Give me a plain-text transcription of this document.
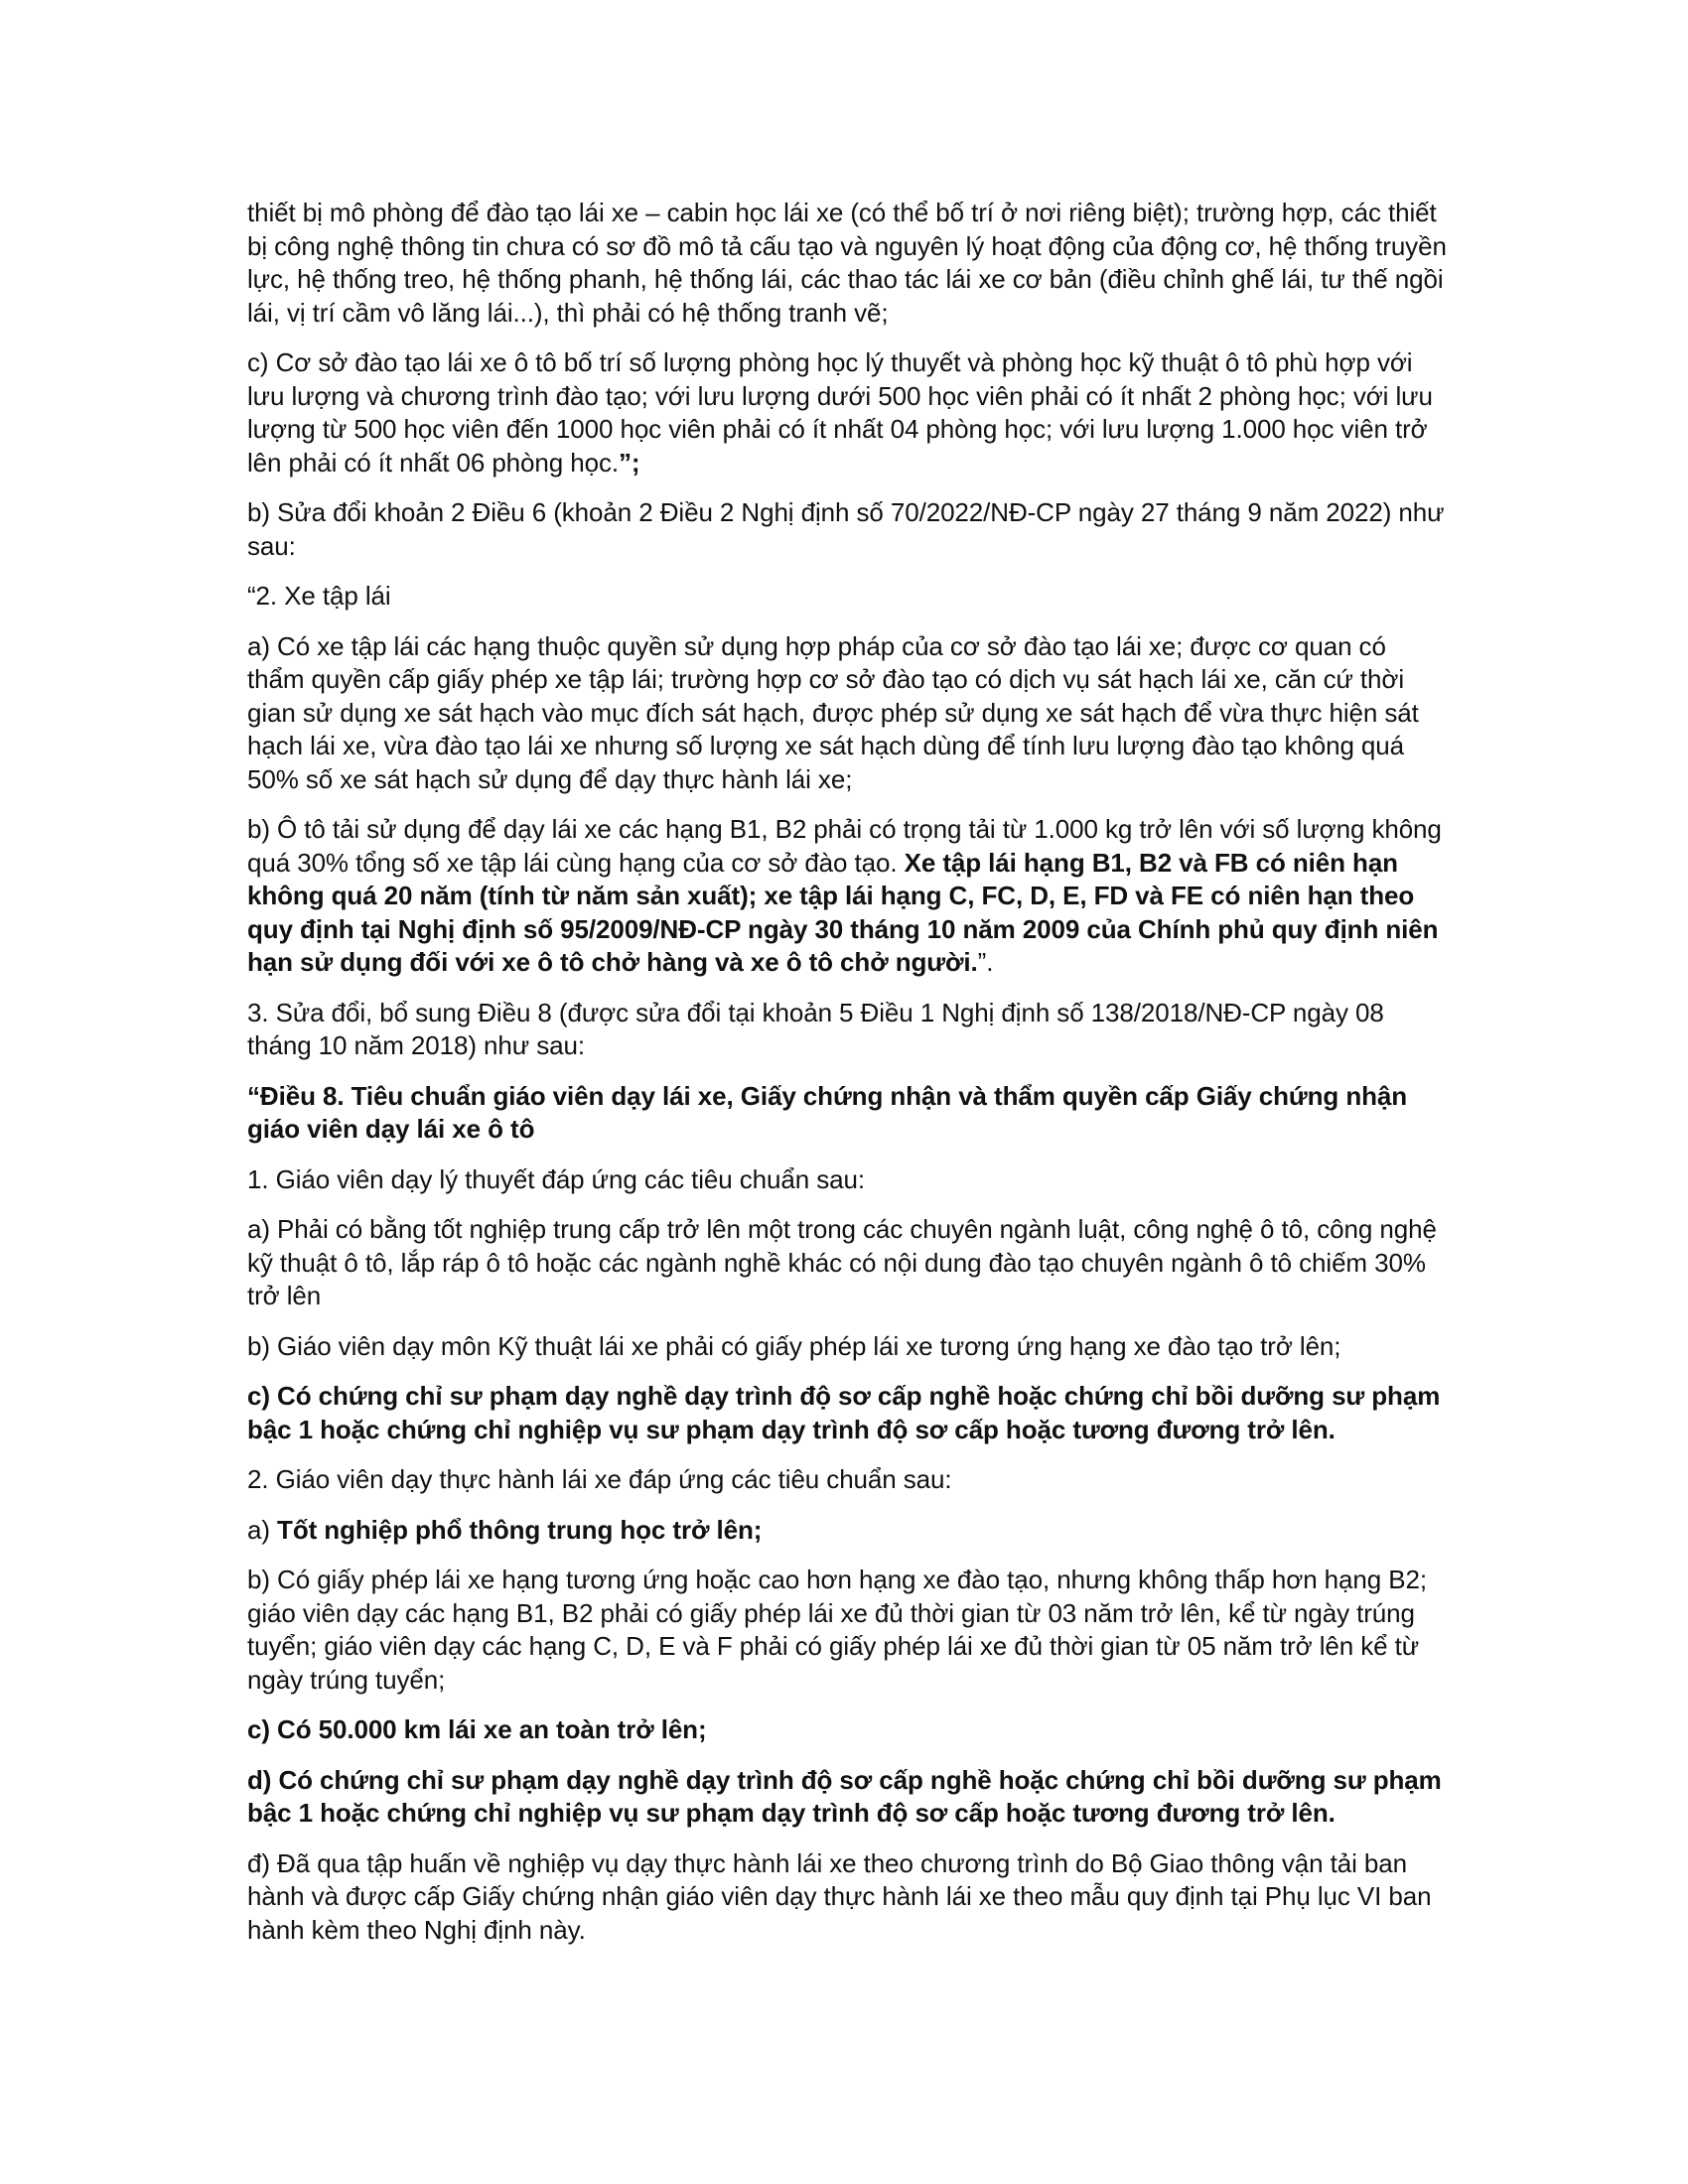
thiết bị mô phòng để đào tạo lái xe – cabin học lái xe (có thể bố trí ở nơi riêng biệt); trường hợp, các thiết bị công nghệ thông tin chưa có sơ đồ mô tả cấu tạo và nguyên lý hoạt động của động cơ, hệ thống truyền lực, hệ thống treo, hệ thống phanh, hệ thống lái, các thao tác lái xe cơ bản (điều chỉnh ghế lái, tư thế ngồi lái, vị trí cầm vô lăng lái...), thì phải có hệ thống tranh vẽ;

c) Cơ sở đào tạo lái xe ô tô bố trí số lượng phòng học lý thuyết và phòng học kỹ thuật ô tô phù hợp với lưu lượng và chương trình đào tạo; với lưu lượng dưới 500 học viên phải có ít nhất 2 phòng học; với lưu lượng từ 500 học viên đến 1000 học viên phải có ít nhất 04 phòng học; với lưu lượng 1.000 học viên trở lên phải có ít nhất 06 phòng học.”;

b) Sửa đổi khoản 2 Điều 6 (khoản 2 Điều 2 Nghị định số 70/2022/NĐ-CP ngày 27 tháng 9 năm 2022) như sau:

“2. Xe tập lái

a) Có xe tập lái các hạng thuộc quyền sử dụng hợp pháp của cơ sở đào tạo lái xe; được cơ quan có thẩm quyền cấp giấy phép xe tập lái; trường hợp cơ sở đào tạo có dịch vụ sát hạch lái xe, căn cứ thời gian sử dụng xe sát hạch vào mục đích sát hạch, được phép sử dụng xe sát hạch để vừa thực hiện sát hạch lái xe, vừa đào tạo lái xe nhưng số lượng xe sát hạch dùng để tính lưu lượng đào tạo không quá 50% số xe sát hạch sử dụng để dạy thực hành lái xe;

b) Ô tô tải sử dụng để dạy lái xe các hạng B1, B2 phải có trọng tải từ 1.000 kg trở lên với số lượng không quá 30% tổng số xe tập lái cùng hạng của cơ sở đào tạo. Xe tập lái hạng B1, B2 và FB có niên hạn không quá 20 năm (tính từ năm sản xuất); xe tập lái hạng C, FC, D, E, FD và FE có niên hạn theo quy định tại Nghị định số 95/2009/NĐ-CP ngày 30 tháng 10 năm 2009 của Chính phủ quy định niên hạn sử dụng đối với xe ô tô chở hàng và xe ô tô chở người.”.

3. Sửa đổi, bổ sung Điều 8 (được sửa đổi tại khoản 5 Điều 1 Nghị định số 138/2018/NĐ-CP ngày 08 tháng 10 năm 2018) như sau:

“Điều 8. Tiêu chuẩn giáo viên dạy lái xe, Giấy chứng nhận và thẩm quyền cấp Giấy chứng nhận giáo viên dạy lái xe ô tô

1. Giáo viên dạy lý thuyết đáp ứng các tiêu chuẩn sau:

a) Phải có bằng tốt nghiệp trung cấp trở lên một trong các chuyên ngành luật, công nghệ ô tô, công nghệ kỹ thuật ô tô, lắp ráp ô tô hoặc các ngành nghề khác có nội dung đào tạo chuyên ngành ô tô chiếm 30% trở lên

b) Giáo viên dạy môn Kỹ thuật lái xe phải có giấy phép lái xe tương ứng hạng xe đào tạo trở lên;

c) Có chứng chỉ sư phạm dạy nghề dạy trình độ sơ cấp nghề hoặc chứng chỉ bồi dưỡng sư phạm bậc 1 hoặc chứng chỉ nghiệp vụ sư phạm dạy trình độ sơ cấp hoặc tương đương trở lên.

2. Giáo viên dạy thực hành lái xe đáp ứng các tiêu chuẩn sau:

a) Tốt nghiệp phổ thông trung học trở lên;

b) Có giấy phép lái xe hạng tương ứng hoặc cao hơn hạng xe đào tạo, nhưng không thấp hơn hạng B2; giáo viên dạy các hạng B1, B2 phải có giấy phép lái xe đủ thời gian từ 03 năm trở lên, kể từ ngày trúng tuyển; giáo viên dạy các hạng C, D, E và F phải có giấy phép lái xe đủ thời gian từ 05 năm trở lên kể từ ngày trúng tuyển;

c) Có 50.000 km lái xe an toàn trở lên;

d) Có chứng chỉ sư phạm dạy nghề dạy trình độ sơ cấp nghề hoặc chứng chỉ bồi dưỡng sư phạm bậc 1 hoặc chứng chỉ nghiệp vụ sư phạm dạy trình độ sơ cấp hoặc tương đương trở lên.

đ) Đã qua tập huấn về nghiệp vụ dạy thực hành lái xe theo chương trình do Bộ Giao thông vận tải ban hành và được cấp Giấy chứng nhận giáo viên dạy thực hành lái xe theo mẫu quy định tại Phụ lục VI ban hành kèm theo Nghị định này.
